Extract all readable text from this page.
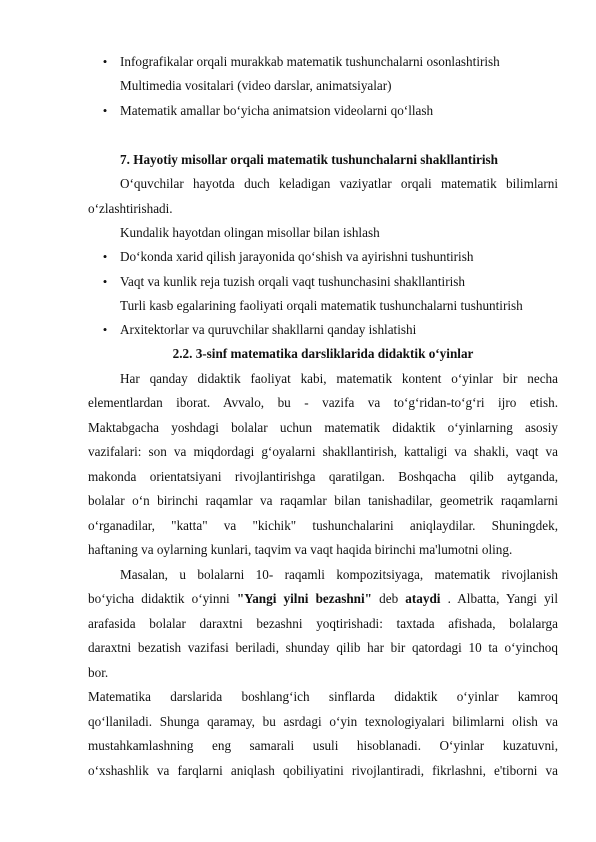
• Infografikalar orqali murakkab matematik tushunchalarni osonlashtirish
Multimedia vositalari (video darslar, animatsiyalar)
• Matematik amallar bo‘yicha animatsion videolarni qo‘llash
7. Hayotiy misollar orqali matematik tushunchalarni shakllantirish
O‘quvchilar hayotda duch keladigan vaziyatlar orqali matematik bilimlarni
o‘zlashtirishadi.
Kundalik hayotdan olingan misollar bilan ishlash
• Do‘konda xarid qilish jarayonida qo‘shish va ayirishni tushuntirish
• Vaqt va kunlik reja tuzish orqali vaqt tushunchasini shakllantirish
Turli kasb egalarining faoliyati orqali matematik tushunchalarni tushuntirish
• Arxitektorlar va quruvchilar shakllarni qanday ishlatishi
2.2. 3-sinf matematika darsliklarida didaktik o‘yinlar
Har qanday didaktik faoliyat kabi, matematik kontent o‘yinlar bir necha
elementlardan iborat. Avvalo, bu - vazifa va to‘g‘ridan-to‘g‘ri ijro etish.
Maktabgacha yoshdagi bolalar uchun matematik didaktik o‘yinlarning asosiy
vazifalari: son va miqdordagi g‘oyalarni shakllantirish, kattaligi va shakli, vaqt va
makonda orientatsiyani rivojlantirishga qaratilgan. Boshqacha qilib aytganda,
bolalar o‘n birinchi raqamlar va raqamlar bilan tanishadilar, geometrik raqamlarni
o‘rganadilar, "katta" va "kichik" tushunchalarini aniqlaydilar. Shuningdek,
haftaning va oylarning kunlari, taqvim va vaqt haqida birinchi ma'lumotni oling.
Masalan, u bolalarni 10- raqamli kompozitsiyaga, matematik rivojlanish
bo‘yicha didaktik o‘yinni "Yangi yilni bezashni" deb ataydi . Albatta, Yangi yil
arafasida bolalar daraxtni bezashni yoqtirishadi: taxtada afishada, bolalarga
daraxtni bezatish vazifasi beriladi, shunday qilib har bir qatordagi 10 ta o‘yinchoq
bor.
Matematika darslarida boshlang‘ich sinflarda didaktik o‘yinlar kamroq
qo‘llaniladi. Shunga qaramay, bu asrdagi o‘yin texnologiyalari bilimlarni olish va
mustahkamlashning eng samarali usuli hisoblanadi. O‘yinlar kuzatuvni,
o‘xshashlik va farqlarni aniqlash qobiliyatini rivojlantiradi, fikrlashni, e'tiborni va
